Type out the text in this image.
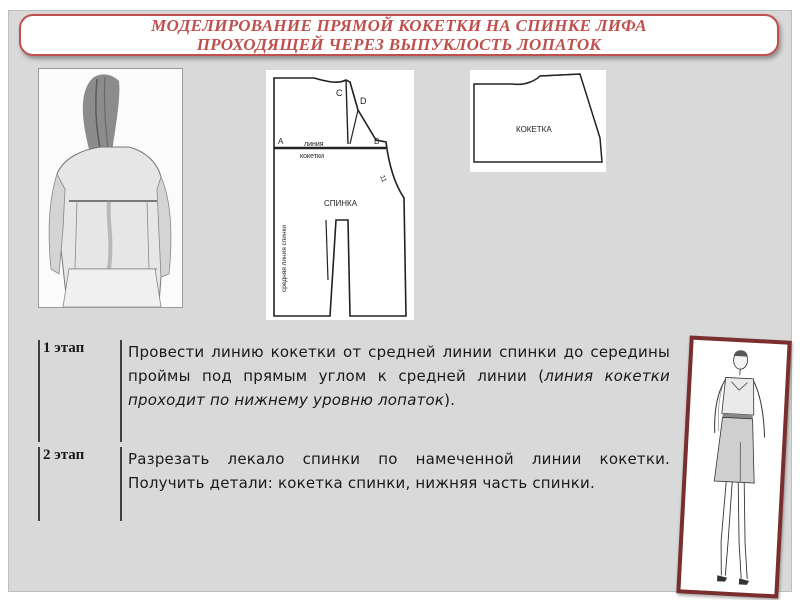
МОДЕЛИРОВАНИЕ ПРЯМОЙ КОКЕТКИ НА СПИНКЕ ЛИФА
ПРОХОДЯЩЕЙ ЧЕРЕЗ ВЫПУКЛОСТЬ ЛОПАТОК
C
D
A	B
линия
кокетки
СПИНКА
средняя линия спинки
11
КОКЕТКА
1 этап	Провести линию кокетки от средней линии спинки до середины проймы под прямым углом к средней линии (линия кокетки проходит по нижнему уровню лопаток).
2 этап	Разрезать лекало спинки по намеченной линии кокетки. Получить детали: кокетка спинки, нижняя часть спинки.
